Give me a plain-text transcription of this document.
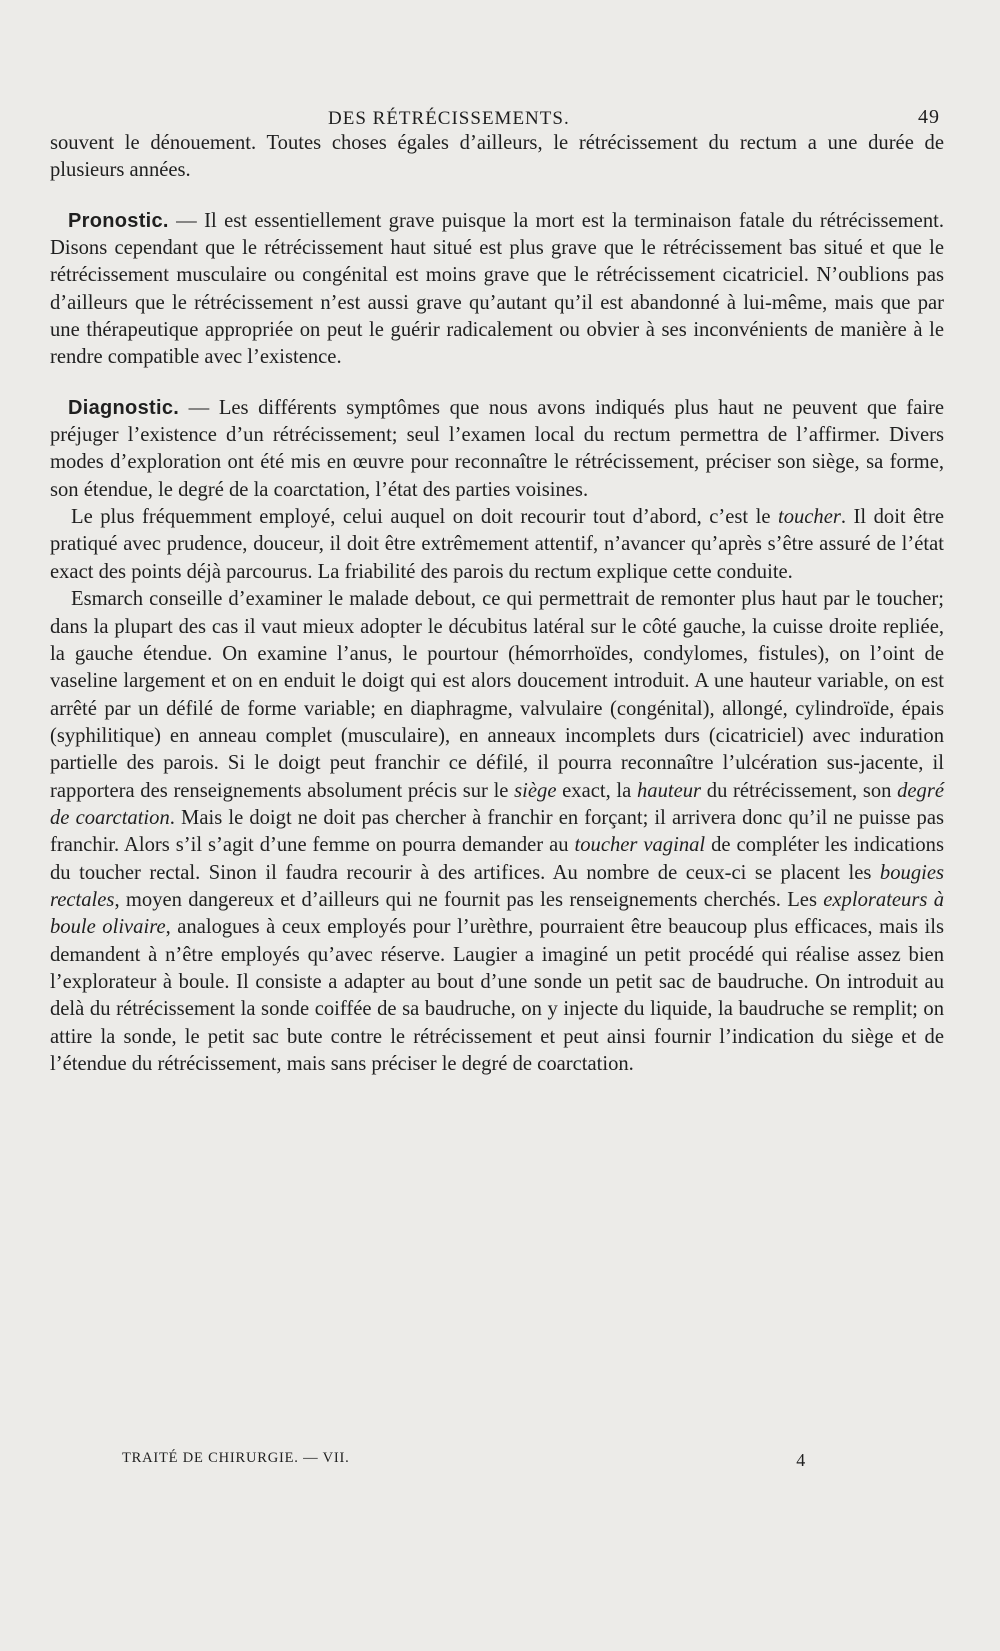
DES RÉTRÉCISSEMENTS.	49

souvent le dénouement. Toutes choses égales d’ailleurs, le rétrécissement du rectum a une durée de plusieurs années.

Pronostic. — Il est essentiellement grave puisque la mort est la terminaison fatale du rétrécissement. Disons cependant que le rétrécissement haut situé est plus grave que le rétrécissement bas situé et que le rétrécissement musculaire ou congénital est moins grave que le rétrécissement cicatriciel. N’oublions pas d’ailleurs que le rétrécissement n’est aussi grave qu’autant qu’il est abandonné à lui-même, mais que par une thérapeutique appropriée on peut le guérir radicalement ou obvier à ses inconvénients de manière à le rendre compatible avec l’existence.

Diagnostic. — Les différents symptômes que nous avons indiqués plus haut ne peuvent que faire préjuger l’existence d’un rétrécissement; seul l’examen local du rectum permettra de l’affirmer. Divers modes d’exploration ont été mis en œuvre pour reconnaître le rétrécissement, préciser son siège, sa forme, son étendue, le degré de la coarctation, l’état des parties voisines.

Le plus fréquemment employé, celui auquel on doit recourir tout d’abord, c’est le toucher. Il doit être pratiqué avec prudence, douceur, il doit être extrêmement attentif, n’avancer qu’après s’être assuré de l’état exact des points déjà parcourus. La friabilité des parois du rectum explique cette conduite.

Esmarch conseille d’examiner le malade debout, ce qui permettrait de remonter plus haut par le toucher; dans la plupart des cas il vaut mieux adopter le décubitus latéral sur le côté gauche, la cuisse droite repliée, la gauche étendue. On examine l’anus, le pourtour (hémorrhoïdes, condylomes, fistules), on l’oint de vaseline largement et on en enduit le doigt qui est alors doucement introduit. A une hauteur variable, on est arrêté par un défilé de forme variable; en diaphragme, valvulaire (congénital), allongé, cylindroïde, épais (syphilitique) en anneau complet (musculaire), en anneaux incomplets durs (cicatriciel) avec induration partielle des parois. Si le doigt peut franchir ce défilé, il pourra reconnaître l’ulcération sus-jacente, il rapportera des renseignements absolument précis sur le siège exact, la hauteur du rétrécissement, son degré de coarctation. Mais le doigt ne doit pas chercher à franchir en forçant; il arrivera donc qu’il ne puisse pas franchir. Alors s’il s’agit d’une femme on pourra demander au toucher vaginal de compléter les indications du toucher rectal. Sinon il faudra recourir à des artifices. Au nombre de ceux-ci se placent les bougies rectales, moyen dangereux et d’ailleurs qui ne fournit pas les renseignements cherchés. Les explorateurs à boule olivaire, analogues à ceux employés pour l’urèthre, pourraient être beaucoup plus efficaces, mais ils demandent à n’être employés qu’avec réserve. Laugier a imaginé un petit procédé qui réalise assez bien l’explorateur à boule. Il consiste a adapter au bout d’une sonde un petit sac de baudruche. On introduit au delà du rétrécissement la sonde coiffée de sa baudruche, on y injecte du liquide, la baudruche se remplit; on attire la sonde, le petit sac bute contre le rétrécissement et peut ainsi fournir l’indication du siège et de l’étendue du rétrécissement, mais sans préciser le degré de coarctation.

TRAITÉ DE CHIRURGIE. — VII.	4
